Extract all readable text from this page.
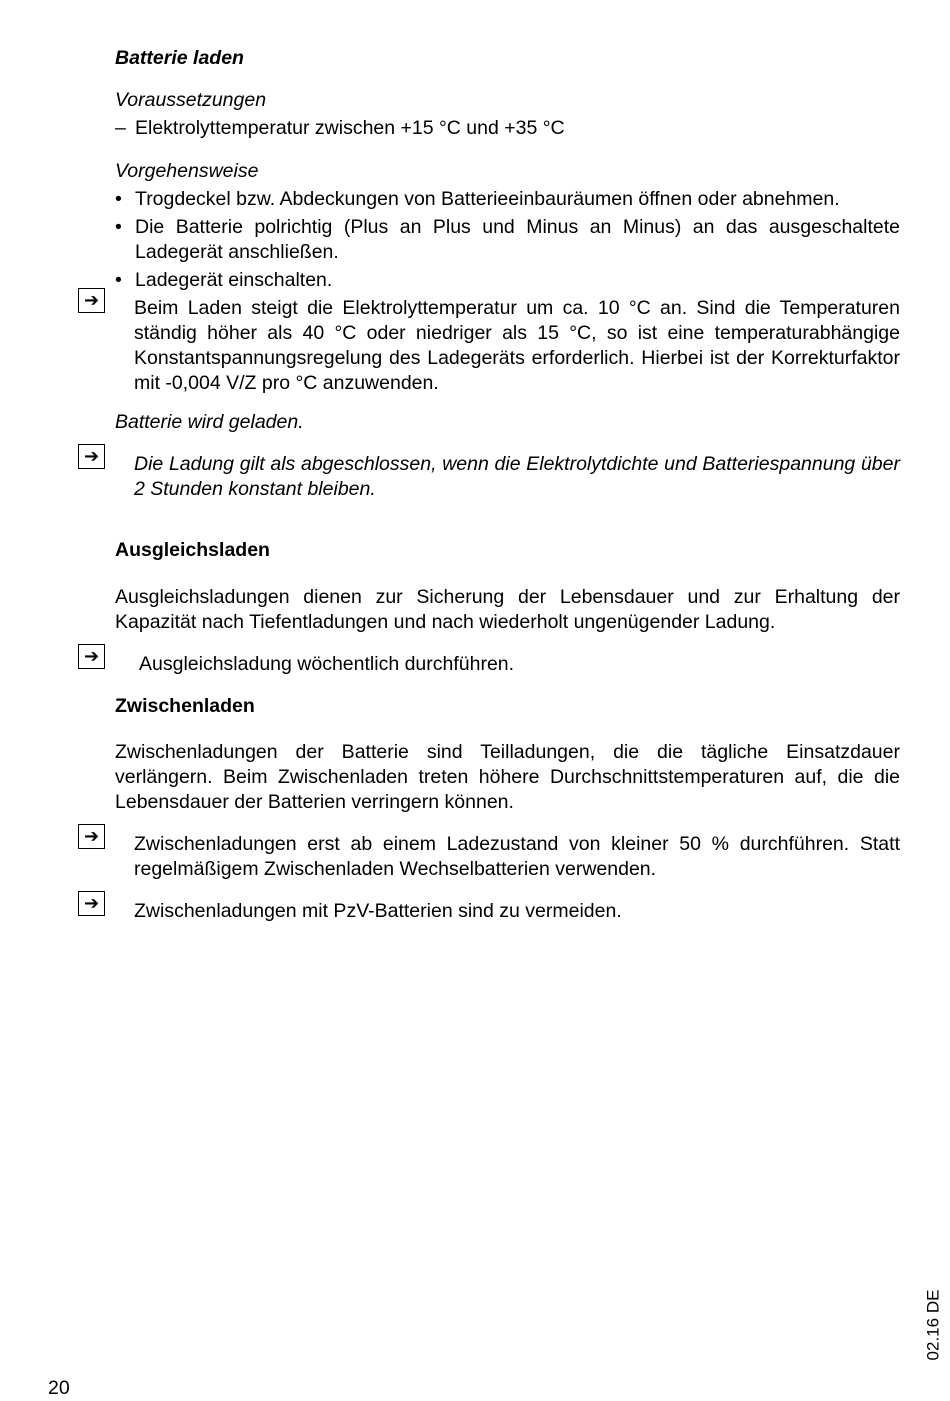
Batterie laden
Voraussetzungen
– Elektrolyttemperatur zwischen +15 °C und +35 °C
Vorgehensweise
• Trogdeckel bzw. Abdeckungen von Batterieeinbauräumen öffnen oder abnehmen.
• Die Batterie polrichtig (Plus an Plus und Minus an Minus) an das ausgeschaltete Ladegerät anschließen.
• Ladegerät einschalten.
➔	Beim Laden steigt die Elektrolyttemperatur um ca. 10 °C an. Sind die Temperaturen ständig höher als 40 °C oder niedriger als 15 °C, so ist eine temperaturabhängige Konstantspannungsregelung des Ladegeräts erforderlich. Hierbei ist der Korrekturfaktor mit -0,004 V/Z pro °C anzuwenden.
Batterie wird geladen.
➔	Die Ladung gilt als abgeschlossen, wenn die Elektrolytdichte und Batteriespannung über 2 Stunden konstant bleiben.
Ausgleichsladen
Ausgleichsladungen dienen zur Sicherung der Lebensdauer und zur Erhaltung der Kapazität nach Tiefentladungen und nach wiederholt ungenügender Ladung.
➔	Ausgleichsladung wöchentlich durchführen.
Zwischenladen
Zwischenladungen der Batterie sind Teilladungen, die die tägliche Einsatzdauer verlängern. Beim Zwischenladen treten höhere Durchschnittstemperaturen auf, die die Lebensdauer der Batterien verringern können.
➔	Zwischenladungen erst ab einem Ladezustand von kleiner 50 % durchführen. Statt regelmäßigem Zwischenladen Wechselbatterien verwenden.
➔	Zwischenladungen mit PzV-Batterien sind zu vermeiden.
20
02.16 DE
